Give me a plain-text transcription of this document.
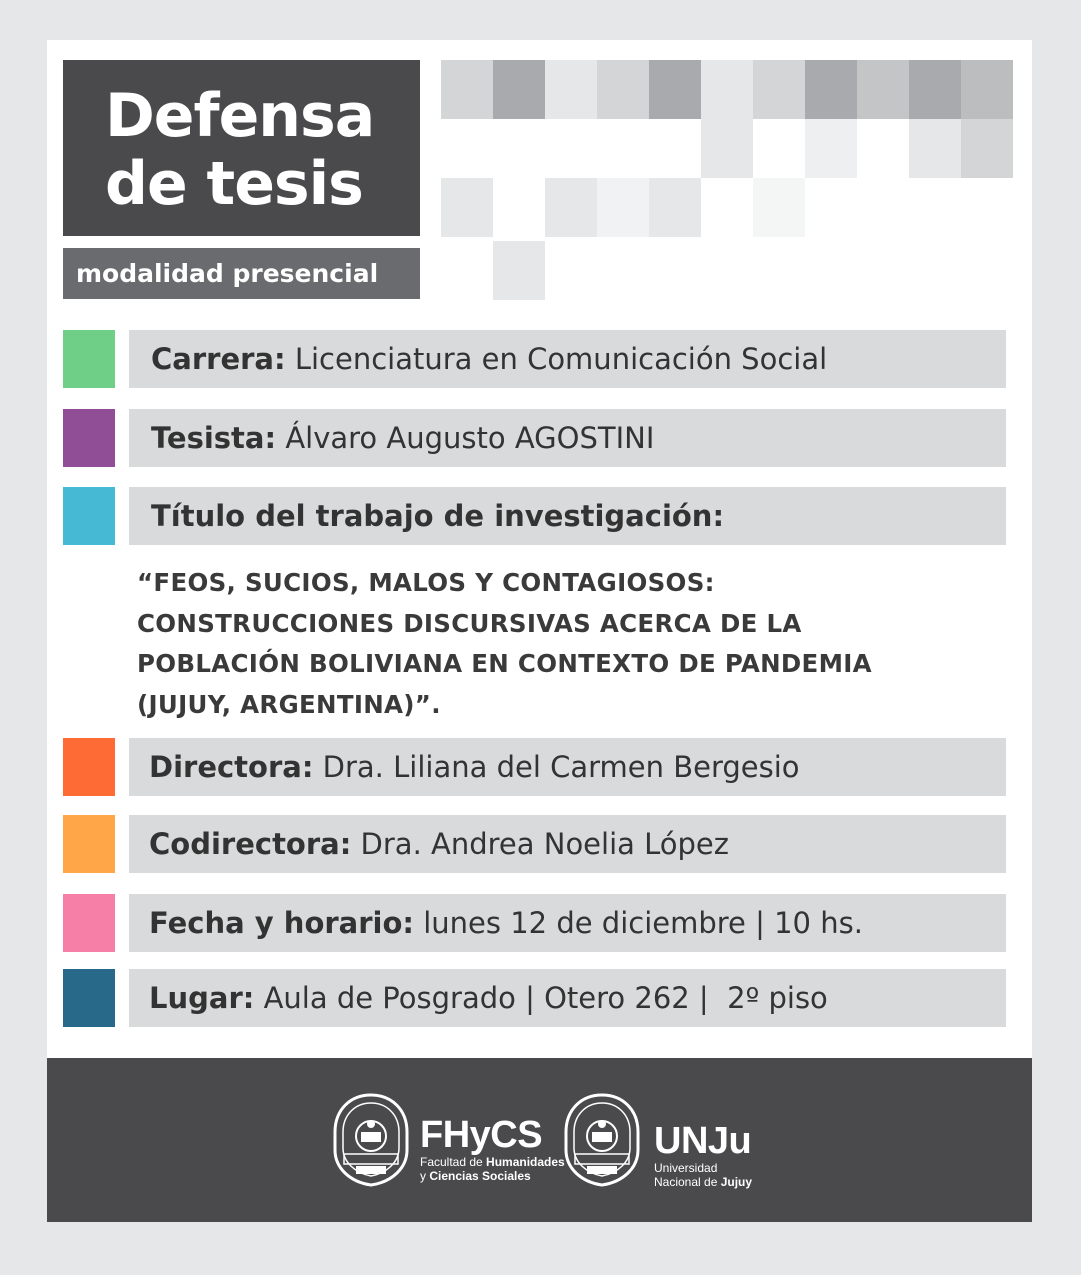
Defensa
de tesis
modalidad presencial
Carrera: Licenciatura en Comunicación Social
Tesista: Álvaro Augusto AGOSTINI
Título del trabajo de investigación:
“FEOS, SUCIOS, MALOS Y CONTAGIOSOS:
CONSTRUCCIONES DISCURSIVAS ACERCA DE LA
POBLACIÓN BOLIVIANA EN CONTEXTO DE PANDEMIA
(JUJUY, ARGENTINA)”.
Directora: Dra. Liliana del Carmen Bergesio
Codirectora: Dra. Andrea Noelia López
Fecha y horario: lunes 12 de diciembre | 10 hs.
Lugar: Aula de Posgrado | Otero 262 |  2º piso
FHyCS
Facultad de Humanidades
y Ciencias Sociales
UNJu
Universidad
Nacional de Jujuy
